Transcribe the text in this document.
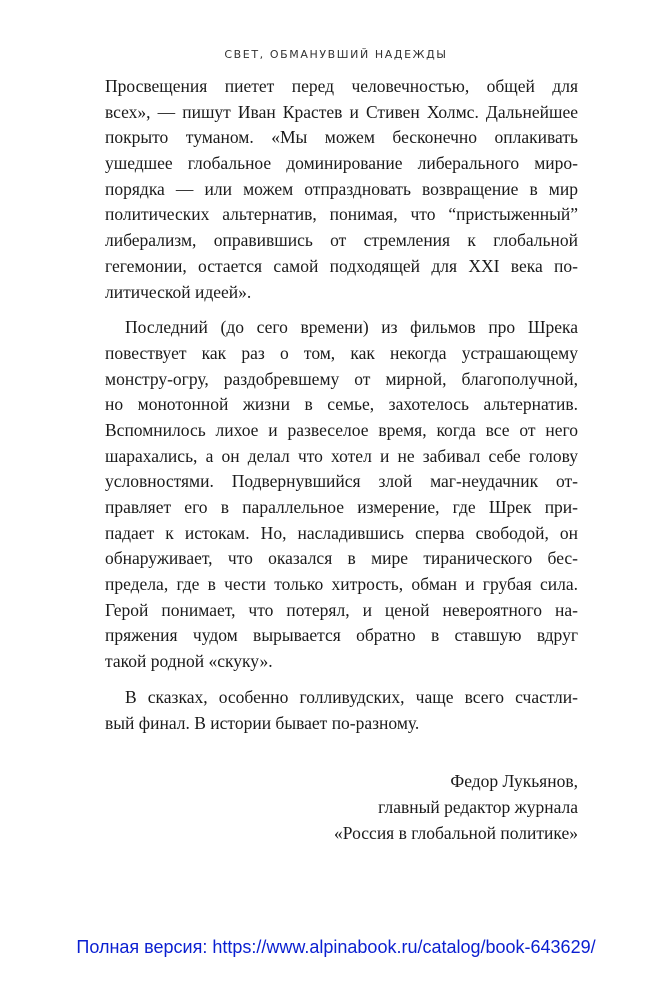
СВЕТ, ОБМАНУВШИЙ НАДЕЖДЫ
Просвещения пиетет перед человечностью, общей для
всех», — пишут Иван Крастев и Стивен Холмс. Дальнейшее
покрыто туманом. «Мы можем бесконечно оплакивать
ушедшее глобальное доминирование либерального миро-
порядка — или можем отпраздновать возвращение в мир
политических альтернатив, понимая, что “пристыженный”
либерализм, оправившись от стремления к глобальной
гегемонии, остается самой подходящей для XXI века по-
литической идеей».
Последний (до сего времени) из фильмов про Шрека
повествует как раз о том, как некогда устрашающему
монстру-огру, раздобревшему от мирной, благополучной,
но монотонной жизни в семье, захотелось альтернатив.
Вспомнилось лихое и развеселое время, когда все от него
шарахались, а он делал что хотел и не забивал себе голову
условностями. Подвернувшийся злой маг-неудачник от-
правляет его в параллельное измерение, где Шрек при-
падает к истокам. Но, насладившись сперва свободой, он
обнаруживает, что оказался в мире тиранического бес-
предела, где в чести только хитрость, обман и грубая сила.
Герой понимает, что потерял, и ценой невероятного на-
пряжения чудом вырывается обратно в ставшую вдруг
такой родной «скуку».
В сказках, особенно голливудских, чаще всего счастли-
вый финал. В истории бывает по-разному.
Федор Лукьянов,
главный редактор журнала
«Россия в глобальной политике»
Полная версия: https://www.alpinabook.ru/catalog/book-643629/
